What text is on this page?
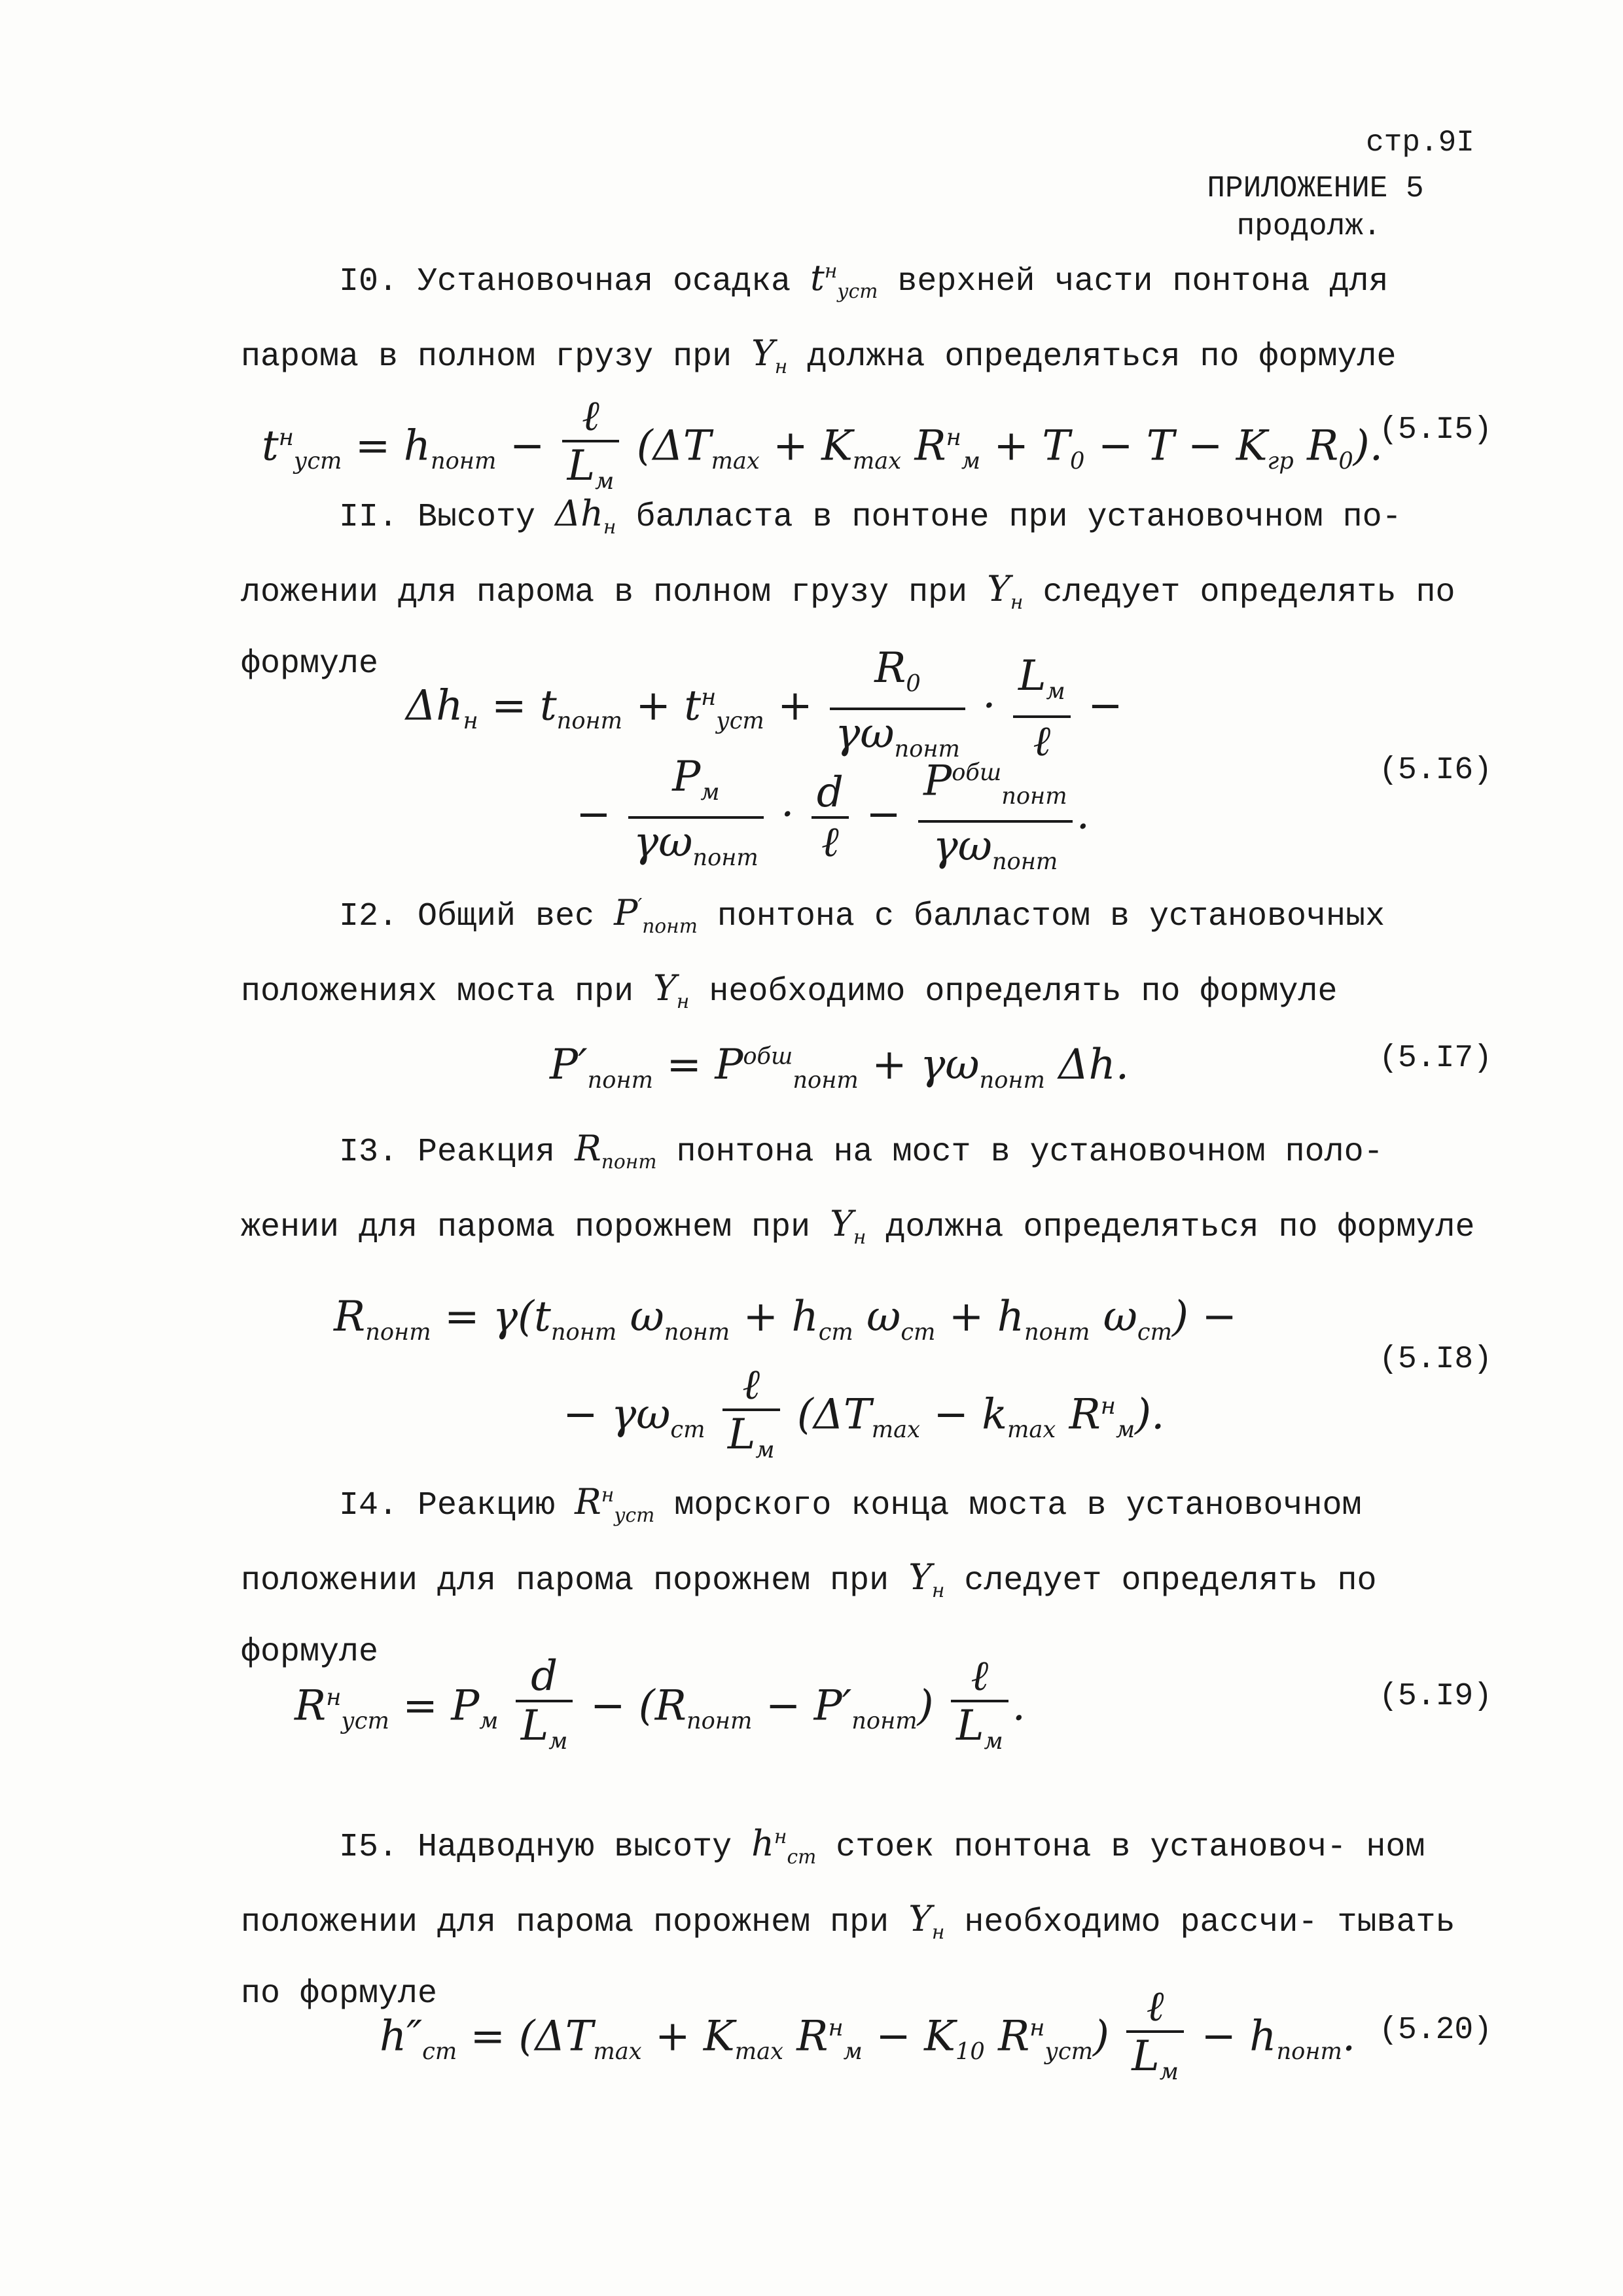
стр.9I
ПРИЛОЖЕНИЕ 5
продолж.
I0. Установочная осадка $t^н_{уст}$ верхней части понтона для парома в полном грузу при $Y_н$ должна определяться по формуле
$t^н_{уст} = h_{понт} - \frac{\text{ℓ}}{L_м} (\Delta T_{max} + K_{max}$ $R^н_м + T_0 - T - K_{гр}$ $R_0$).
(5.I5)
II. Высоту $\Delta h_н$ балласта в понтоне при установочном по- ложении для парома в полном грузу при $Y_н$ следует определять по формуле
$\Delta h_н = t_{понт} + t^н_{уст} + \frac{R_0}{\gamma\omega_{понт}} \cdot \frac{L_м}{\text{ℓ}}$ −
− $\frac{P_м}{\gamma\omega_{понт}} \cdot \frac{d}{\text{ℓ}} - \frac{P^{обш}_{понт}}{\gamma\omega_{понт}}$ .
(5.I6)
I2. Общий вес $P'_{понт}$ понтона с балластом в установочных положениях моста при $Y_н$ необходимо определять по формуле
$P'_{понт} = P^{обш}_{понт} + \gamma\omega_{понт}$ Δh.	(5.I7)
I3. Реакция $R_{понт}$ понтона на мост в установочном поло- жении для парома порожнем при $Y_н$ должна определяться по формуле
$R_{понт} = \gamma(t_{понт}$ $\omega_{понт} + h_{ст}$ $\omega_{ст} + h_{понт}$ $\omega_{ст}$) −
− $\gamma\omega_{ст} \frac{\text{ℓ}}{L_м} (\Delta T_{max} - k_{max}$ $R^н_м$).
(5.I8)
I4. Реакцию $R^н_{уст}$ морского конца моста в установочном положении для парома порожнем при $Y_н$ следует определять по формуле
$R^н_{уст} = P_м \frac{d}{L_м} - (R_{понт} - P'_{понт}) \frac{\text{ℓ}}{L_м}$ .	(5.I9)
I5. Надводную высоту $h^н_{ст}$ стоек понтона в установоч- ном положении для парома порожнем при $Y_н$ необходимо рассчи- тывать по формуле
$h''_{ст} = (\Delta T_{max} + K_{max}$ $R^н_м - K_{10}$ $R^н_{уст}) \frac{\text{ℓ}}{L_м} - h_{понт}$. (5.20)
